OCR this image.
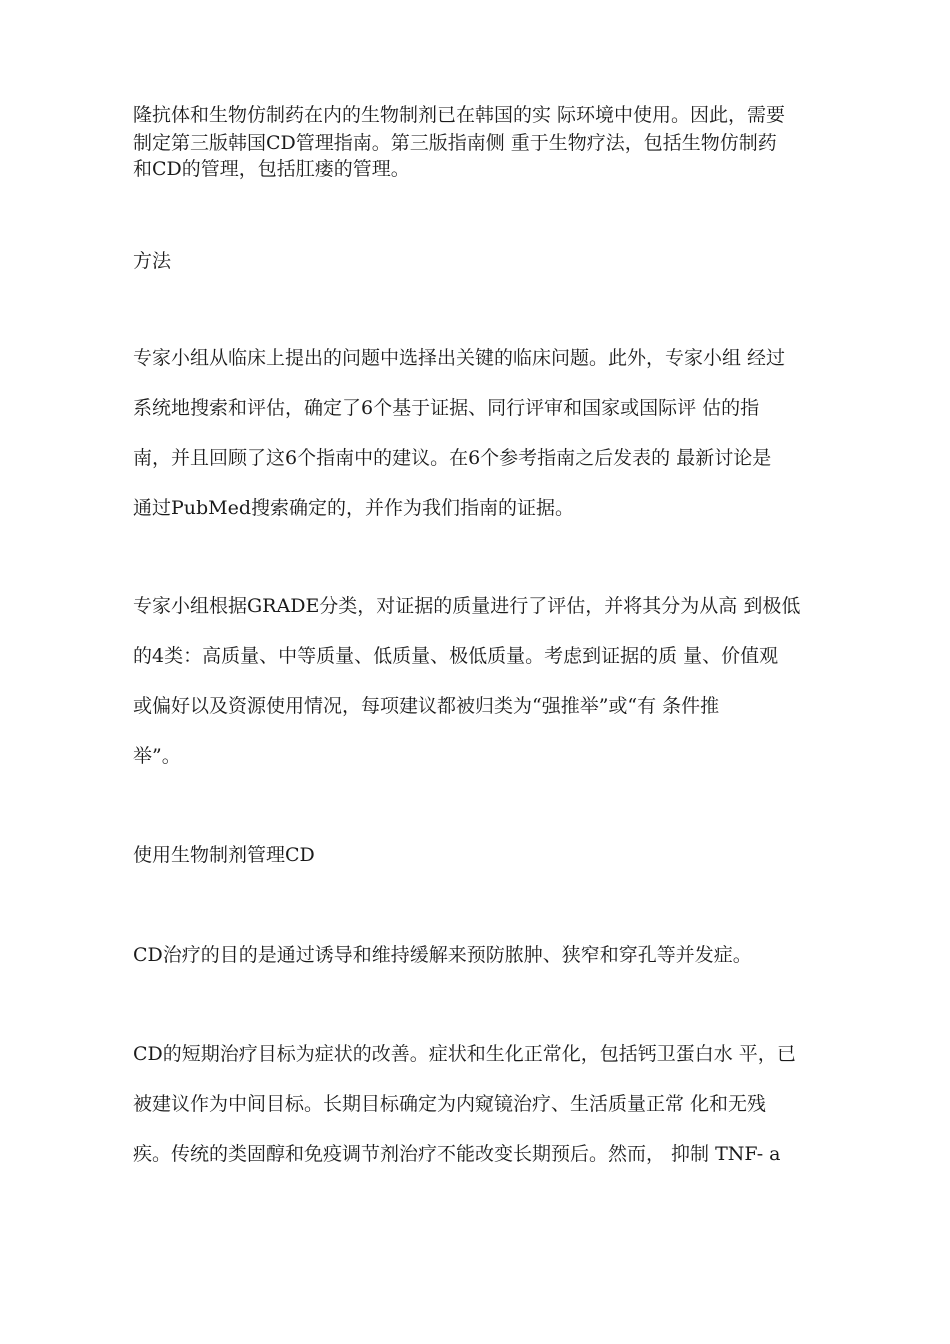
隆抗体和生物仿制药在内的生物制剂已在韩国的实 际环境中使用。因此，需要

制定第三版韩国CD管理指南。第三版指南侧 重于生物疗法，包括生物仿制药

和CD的管理，包括肛瘘的管理。

方法

专家小组从临床上提出的问题中选择出关键的临床问题。此外，专家小组 经过

系统地搜索和评估，确定了6个基于证据、同行评审和国家或国际评 估的指

南，并且回顾了这6个指南中的建议。在6个参考指南之后发表的 最新讨论是

通过PubMed搜索确定的，并作为我们指南的证据。

专家小组根据GRADE分类，对证据的质量进行了评估，并将其分为从高 到极低

的4类：高质量、中等质量、低质量、极低质量。考虑到证据的质 量、价值观

或偏好以及资源使用情况，每项建议都被归类为“强推举”或“有 条件推

举”。

使用生物制剂管理CD

CD治疗的目的是通过诱导和维持缓解来预防脓肿、狭窄和穿孔等并发症。

CD的短期治疗目标为症状的改善。症状和生化正常化，包括钙卫蛋白水 平，已

被建议作为中间目标。长期目标确定为内窥镜治疗、生活质量正常 化和无残

疾。传统的类固醇和免疫调节剂治疗不能改变长期预后。然而， 抑制 TNF- a
